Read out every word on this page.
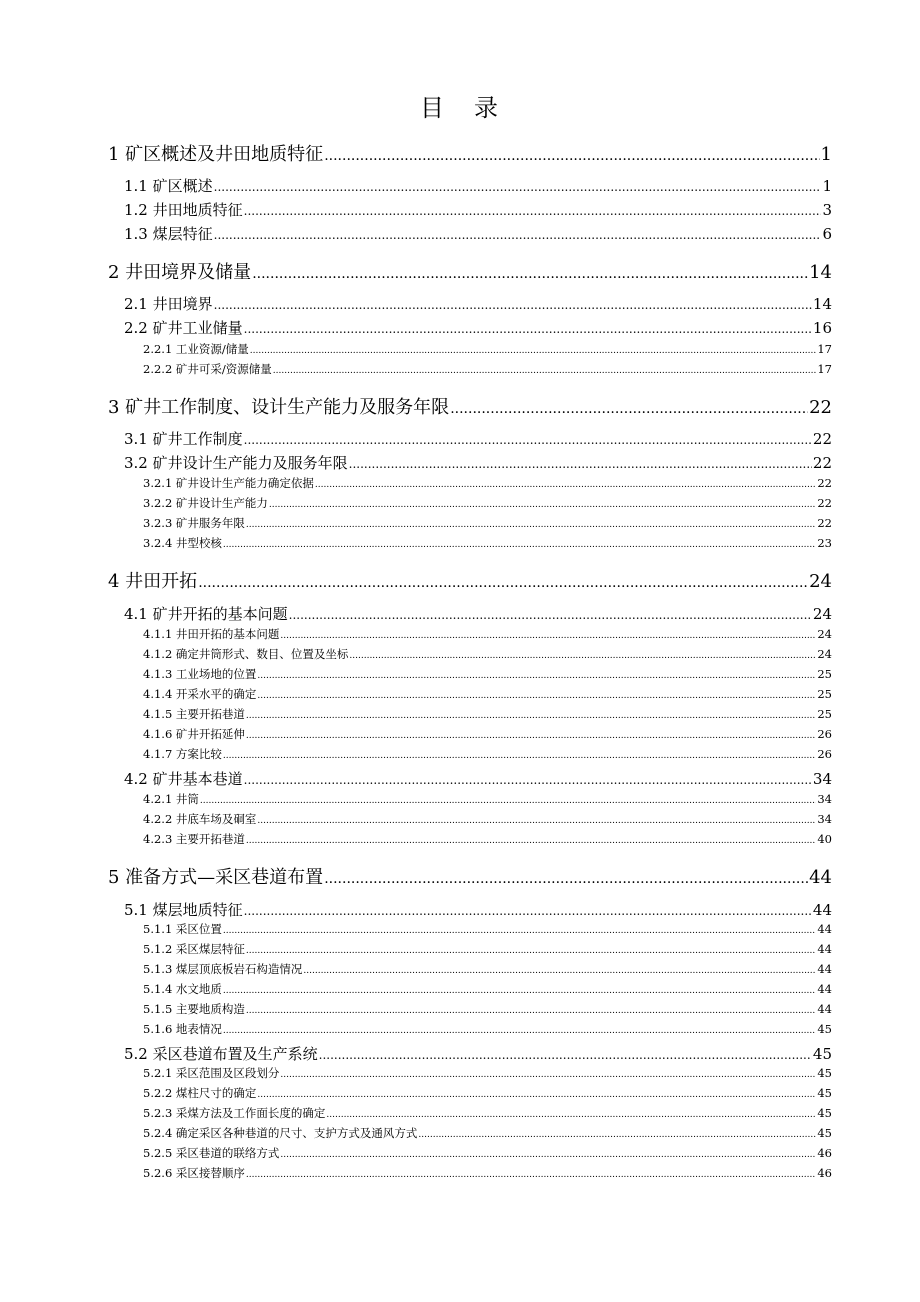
目 录
1 矿区概述及井田地质特征 .....	1
1.1 矿区概述 .....	1
1.2 井田地质特征 .....	3
1.3 煤层特征 .....	6
2 井田境界及储量 .....	14
2.1 井田境界 .....	14
2.2 矿井工业储量 .....	16
2.2.1 工业资源/储量 .....	17
2.2.2 矿井可采/资源储量 .....	17
3 矿井工作制度、设计生产能力及服务年限 .....	22
3.1 矿井工作制度 .....	22
3.2 矿井设计生产能力及服务年限 .....	22
3.2.1 矿井设计生产能力确定依据 .....	22
3.2.2 矿井设计生产能力 .....	22
3.2.3 矿井服务年限 .....	22
3.2.4 井型校核 .....	23
4 井田开拓 .....	24
4.1 矿井开拓的基本问题 .....	24
4.1.1 井田开拓的基本问题 .....	24
4.1.2 确定井筒形式、数目、位置及坐标 .....	24
4.1.3 工业场地的位置 .....	25
4.1.4 开采水平的确定 .....	25
4.1.5 主要开拓巷道 .....	25
4.1.6 矿井开拓延伸 .....	26
4.1.7 方案比较 .....	26
4.2 矿井基本巷道 .....	34
4.2.1 井筒 .....	34
4.2.2 井底车场及硐室 .....	34
4.2.3 主要开拓巷道 .....	40
5 准备方式—采区巷道布置 .....	44
5.1 煤层地质特征 .....	44
5.1.1 采区位置 .....	44
5.1.2 采区煤层特征 .....	44
5.1.3 煤层顶底板岩石构造情况 .....	44
5.1.4 水文地质 .....	44
5.1.5 主要地质构造 .....	44
5.1.6 地表情况 .....	45
5.2 采区巷道布置及生产系统 .....	45
5.2.1 采区范围及区段划分 .....	45
5.2.2 煤柱尺寸的确定 .....	45
5.2.3 采煤方法及工作面长度的确定 .....	45
5.2.4 确定采区各种巷道的尺寸、支护方式及通风方式 .....	45
5.2.5 采区巷道的联络方式 .....	46
5.2.6 采区接替顺序 .....	46
